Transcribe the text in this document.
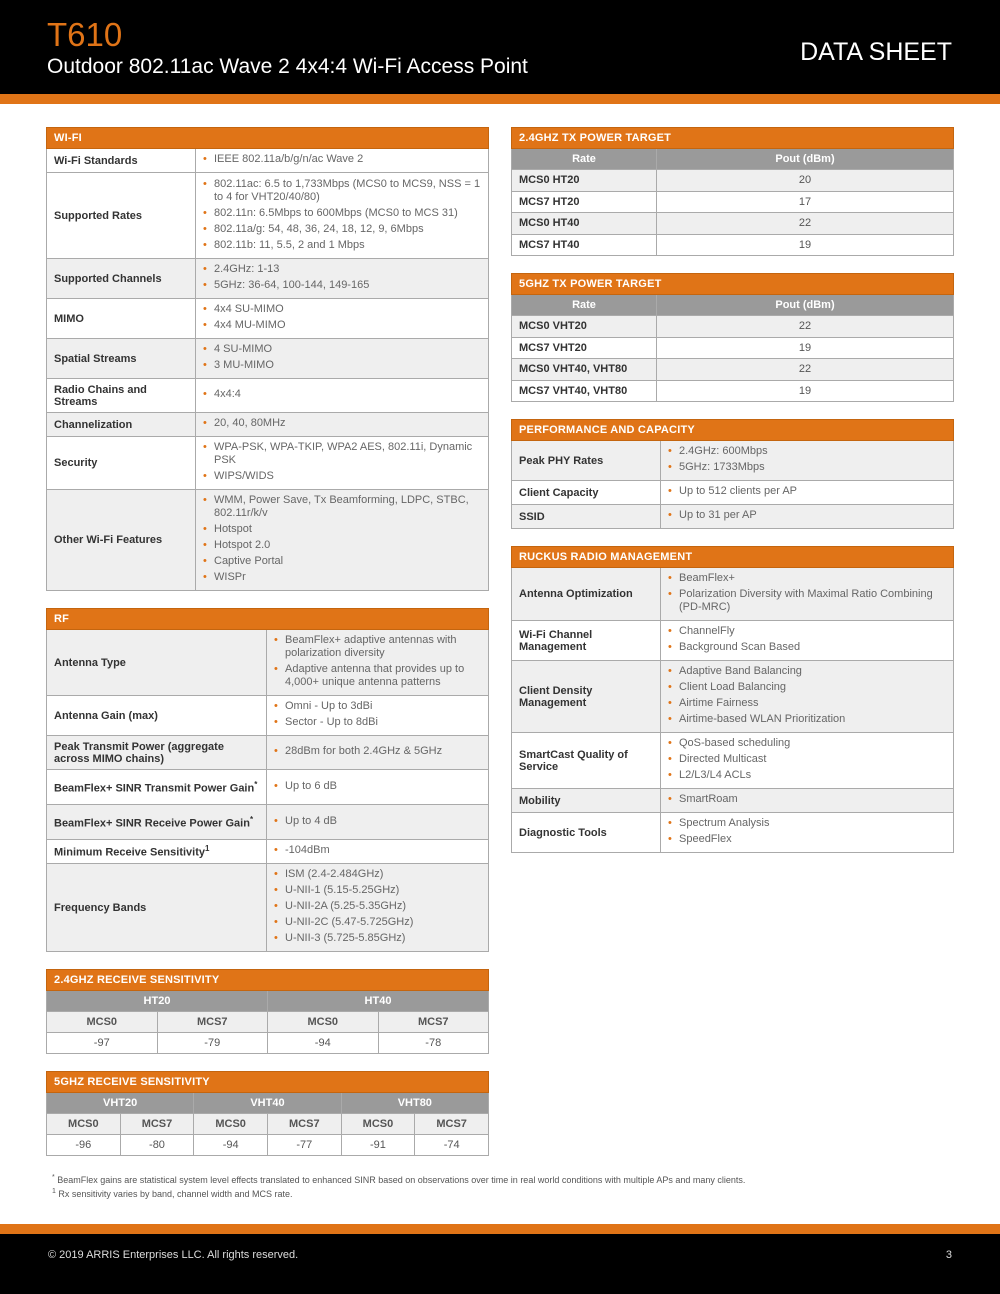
T610
Outdoor 802.11ac Wave 2 4x4:4 Wi-Fi Access Point
DATA SHEET
WI-FI	
Wi-Fi Standards	
•IEEE 802.11a/b/g/n/ac Wave 2

Supported Rates	
• 802.11ac: 6.5 to 1,733Mbps (MCS0 to MCS9, NSS = 1 to 4 for VHT20/40/80)
• 802.11n: 6.5Mbps to 600Mbps (MCS0 to MCS 31)
• 802.11a/g: 54, 48, 36, 24, 18, 12, 9, 6Mbps
• 802.11b: 11, 5.5, 2 and 1 Mbps

Supported Channels	
• 2.4GHz: 1-13
• 5GHz: 36-64, 100-144, 149-165

MIMO	
• 4x4 SU-MIMO
• 4x4 MU-MIMO

Spatial Streams	
• 4 SU-MIMO
• 3 MU-MIMO

Radio Chains and Streams	
• 4x4:4

Channelization	
•20, 40, 80MHz

Security	
• WPA-PSK, WPA-TKIP, WPA2 AES, 802.11i, Dynamic PSK
• WIPS/WIDS

Other Wi-Fi Features	
• WMM, Power Save, Tx Beamforming, LDPC, STBC, 802.11r/k/v
• Hotspot
• Hotspot 2.0
• Captive Portal
• WISPr
RF	
Antenna Type	
• BeamFlex+ adaptive antennas with polarization diversity
• Adaptive antenna that provides up to 4,000+ unique antenna patterns

Antenna Gain (max)	
• Omni - Up to 3dBi
• Sector - Up to 8dBi

Peak Transmit Power (aggregate across MIMO chains)	
• 28dBm for both 2.4GHz & 5GHz

BeamFlex+ SINR Transmit Power Gain*	
•Up to 6 dB

BeamFlex+ SINR Receive Power Gain*	
•Up to 4 dB

Minimum Receive Sensitivity$^1$	
•-104dBm

Frequency Bands	
• ISM (2.4-2.484GHz)
• U-NII-1 (5.15-5.25GHz)
• U-NII-2A (5.25-5.35GHz)
• U-NII-2C (5.47-5.725GHz)
• U-NII-3 (5.725-5.85GHz)
2.4GHZ RECEIVE SENSITIVITY			
HT20		HT40	
MCS0	MCS7	MCS0	MCS7
-97	-79	-94	-78
5GHZ RECEIVE SENSITIVITY					
VHT20		VHT40		VHT80	
MCS0	MCS7	MCS0	MCS7	MCS0	MCS7
-96	-80	-94	-77	-91	-74
2.4GHZ TX POWER TARGET	
Rate	Pout (dBm)
MCS0 HT20	20
MCS7 HT20	17
MCS0 HT40	22
MCS7 HT40	19
5GHZ TX POWER TARGET	
Rate	Pout (dBm)
MCS0 VHT20	22
MCS7 VHT20	19
MCS0 VHT40, VHT80	22
MCS7 VHT40, VHT80	19
PERFORMANCE AND CAPACITY	
Peak PHY Rates	
• 2.4GHz: 600Mbps
• 5GHz: 1733Mbps

Client Capacity	
•Up to 512 clients per AP

SSID	
•Up to 31 per AP
RUCKUS RADIO MANAGEMENT	
Antenna Optimization	
• BeamFlex+
• Polarization Diversity with Maximal Ratio Combining (PD-MRC)

Wi-Fi Channel Management	
• ChannelFly
• Background Scan Based

Client Density Management	
• Adaptive Band Balancing
• Client Load Balancing
• Airtime Fairness
• Airtime-based WLAN Prioritization

SmartCast Quality of Service	
• QoS-based scheduling
• Directed Multicast
• L2/L3/L4 ACLs

Mobility	
•SmartRoam

Diagnostic Tools	
• Spectrum Analysis
• SpeedFlex
* BeamFlex gains are statistical system level effects translated to enhanced SINR based on observations over time in real world conditions with multiple APs and many clients.
$^1$ Rx sensitivity varies by band, channel width and MCS rate.
© 2019 ARRIS Enterprises LLC. All rights reserved.	3
